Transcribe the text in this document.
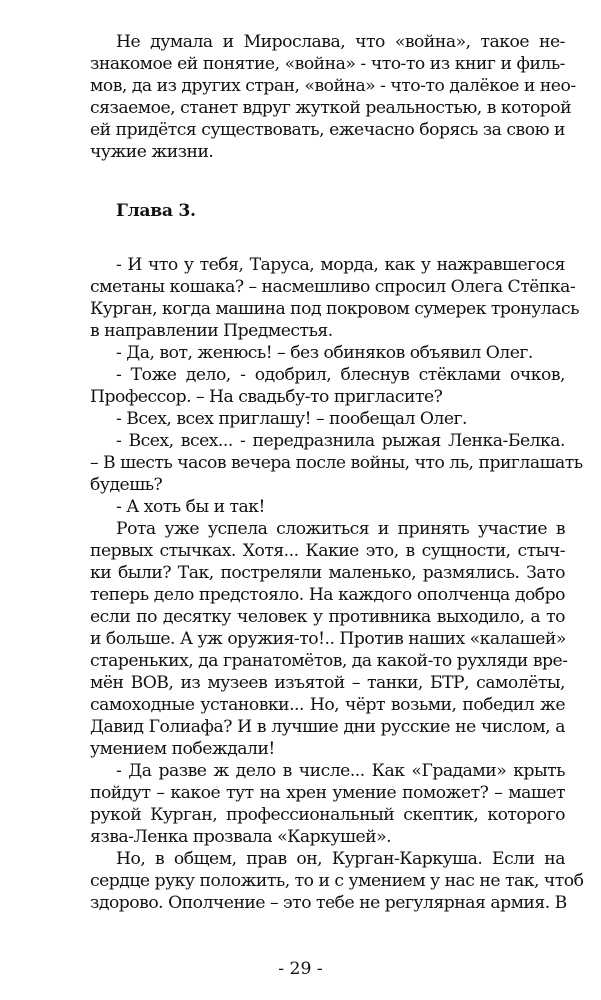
Не думала и Мирослава, что «война», такое не-
знакомое ей понятие, «война» - что-то из книг и филь-
мов, да из других стран, «война» - что-то далёкое и нео-
сязаемое, станет вдруг жуткой реальностью, в которой
ей придётся существовать, ежечасно борясь за свою и
чужие жизни.
Глава 3.
- И что у тебя, Таруса, морда, как у нажравшегося
сметаны кошака? – насмешливо спросил Олега Стёпка-
Курган, когда машина под покровом сумерек тронулась
в направлении Предместья.
- Да, вот, женюсь! – без обиняков объявил Олег.
- Тоже дело, - одобрил, блеснув стёклами очков,
Профессор. – На свадьбу-то пригласите?
- Всех, всех приглашу! – пообещал Олег.
- Всех, всех... - передразнила рыжая Ленка-Белка.
– В шесть часов вечера после войны, что ль, приглашать
будешь?
- А хоть бы и так!
Рота уже успела сложиться и принять участие в
первых стычках. Хотя... Какие это, в сущности, стыч-
ки были? Так, постреляли маленько, размялись. Зато
теперь дело предстояло. На каждого ополченца добро
если по десятку человек у противника выходило, а то
и больше. А уж оружия-то!.. Против наших «калашей»
стареньких, да гранатомётов, да какой-то рухляди вре-
мён ВОВ, из музеев изъятой – танки, БТР, самолёты,
самоходные установки... Но, чёрт возьми, победил же
Давид Голиафа? И в лучшие дни русские не числом, а
умением побеждали!
- Да разве ж дело в числе... Как «Градами» крыть
пойдут – какое тут на хрен умение поможет? – машет
рукой Курган, профессиональный скептик, которого
язва-Ленка прозвала «Каркушей».
Но, в общем, прав он, Курган-Каркуша. Если на
сердце руку положить, то и с умением у нас не так, чтоб
здорово. Ополчение – это тебе не регулярная армия. В
- 29 -
